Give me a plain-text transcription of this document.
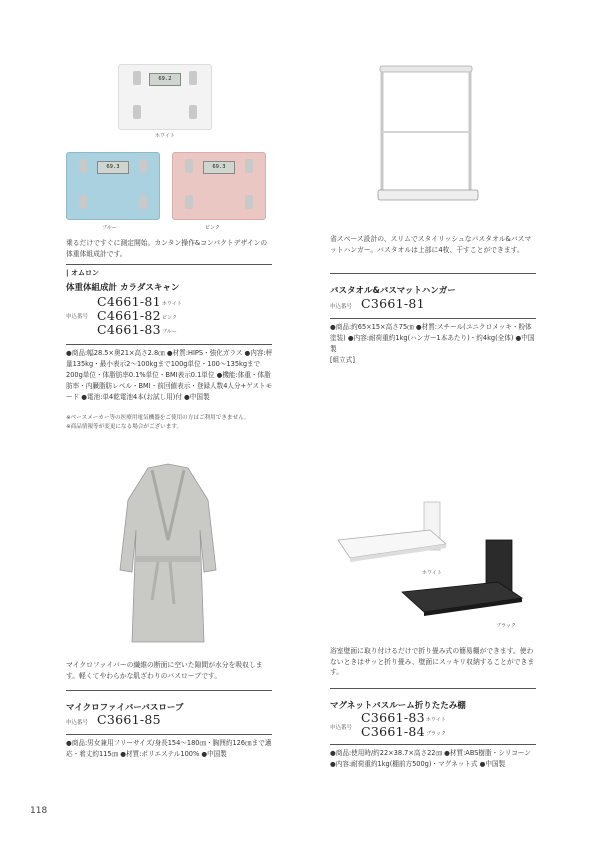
69.2
ホワイト
69.3
ブルー
69.3
ピンク
乗るだけですぐに測定開始。カンタン操作&コンパクトデザインの体重体組成計です。
| オムロン
体重体組成計 カラダスキャン
申込番号
C4661-81 ホワイト
C4661-82 ピンク
C4661-83 ブルー
●商品:幅28.5×奥21×高さ2.8㎝ ●材質:HIPS・強化ガラス ●内容:秤量135kg・最小表示2〜100kgまで100g単位・100〜135kgまで200g単位・体脂肪率0.1%単位・BMI表示0.1単位 ●機能:体重・体脂肪率・内臓脂肪レベル・BMI・前回値表示・登録人数4人分+ゲストモード ●電池:単4乾電池4本(お試し用)付 ●中国製
※ペースメーカー等の医療用電気機器をご使用の方はご利用できません。
※商品情報等が変更になる場合がございます。
省スペース設計の、スリムでスタイリッシュなバスタオル&バスマットハンガー。バスタオルは上部に4枚、干すことができます。
バスタオル&バスマットハンガー
申込番号 C3661-81
●商品:約65×15×高さ75㎝ ●材質:スチール(ユニクロメッキ・粉体塗装) ●内容:耐荷重約1kg(ハンガー1本あたり)・約4kg(全体) ●中国製
[組立式]
マイクロファイバーの繊維の断面に空いた隙間が水分を吸収します。軽くてやわらかな肌ざわりのバスローブです。
マイクロファイバーバスローブ
申込番号 C3661-85
●商品:男女兼用フリーサイズ/身長154〜180㎝・胸囲約126㎝まで適応・着丈約115㎝ ●材質:ポリエステル100% ●中国製
ホワイト
ブラック
浴室壁面に取り付けるだけで折り畳み式の簡易棚ができます。使わないときはサッと折り畳み、壁面にスッキリ収納することができます。
マグネットバスルーム折りたたみ棚
申込番号
C3661-83 ホワイト
C3661-84 ブラック
●商品:使用時/約22×38.7×高さ22㎝ ●材質:ABS樹脂・シリコーン ●内容:耐荷重約1kg(棚前方500g)・マグネット式 ●中国製
118
